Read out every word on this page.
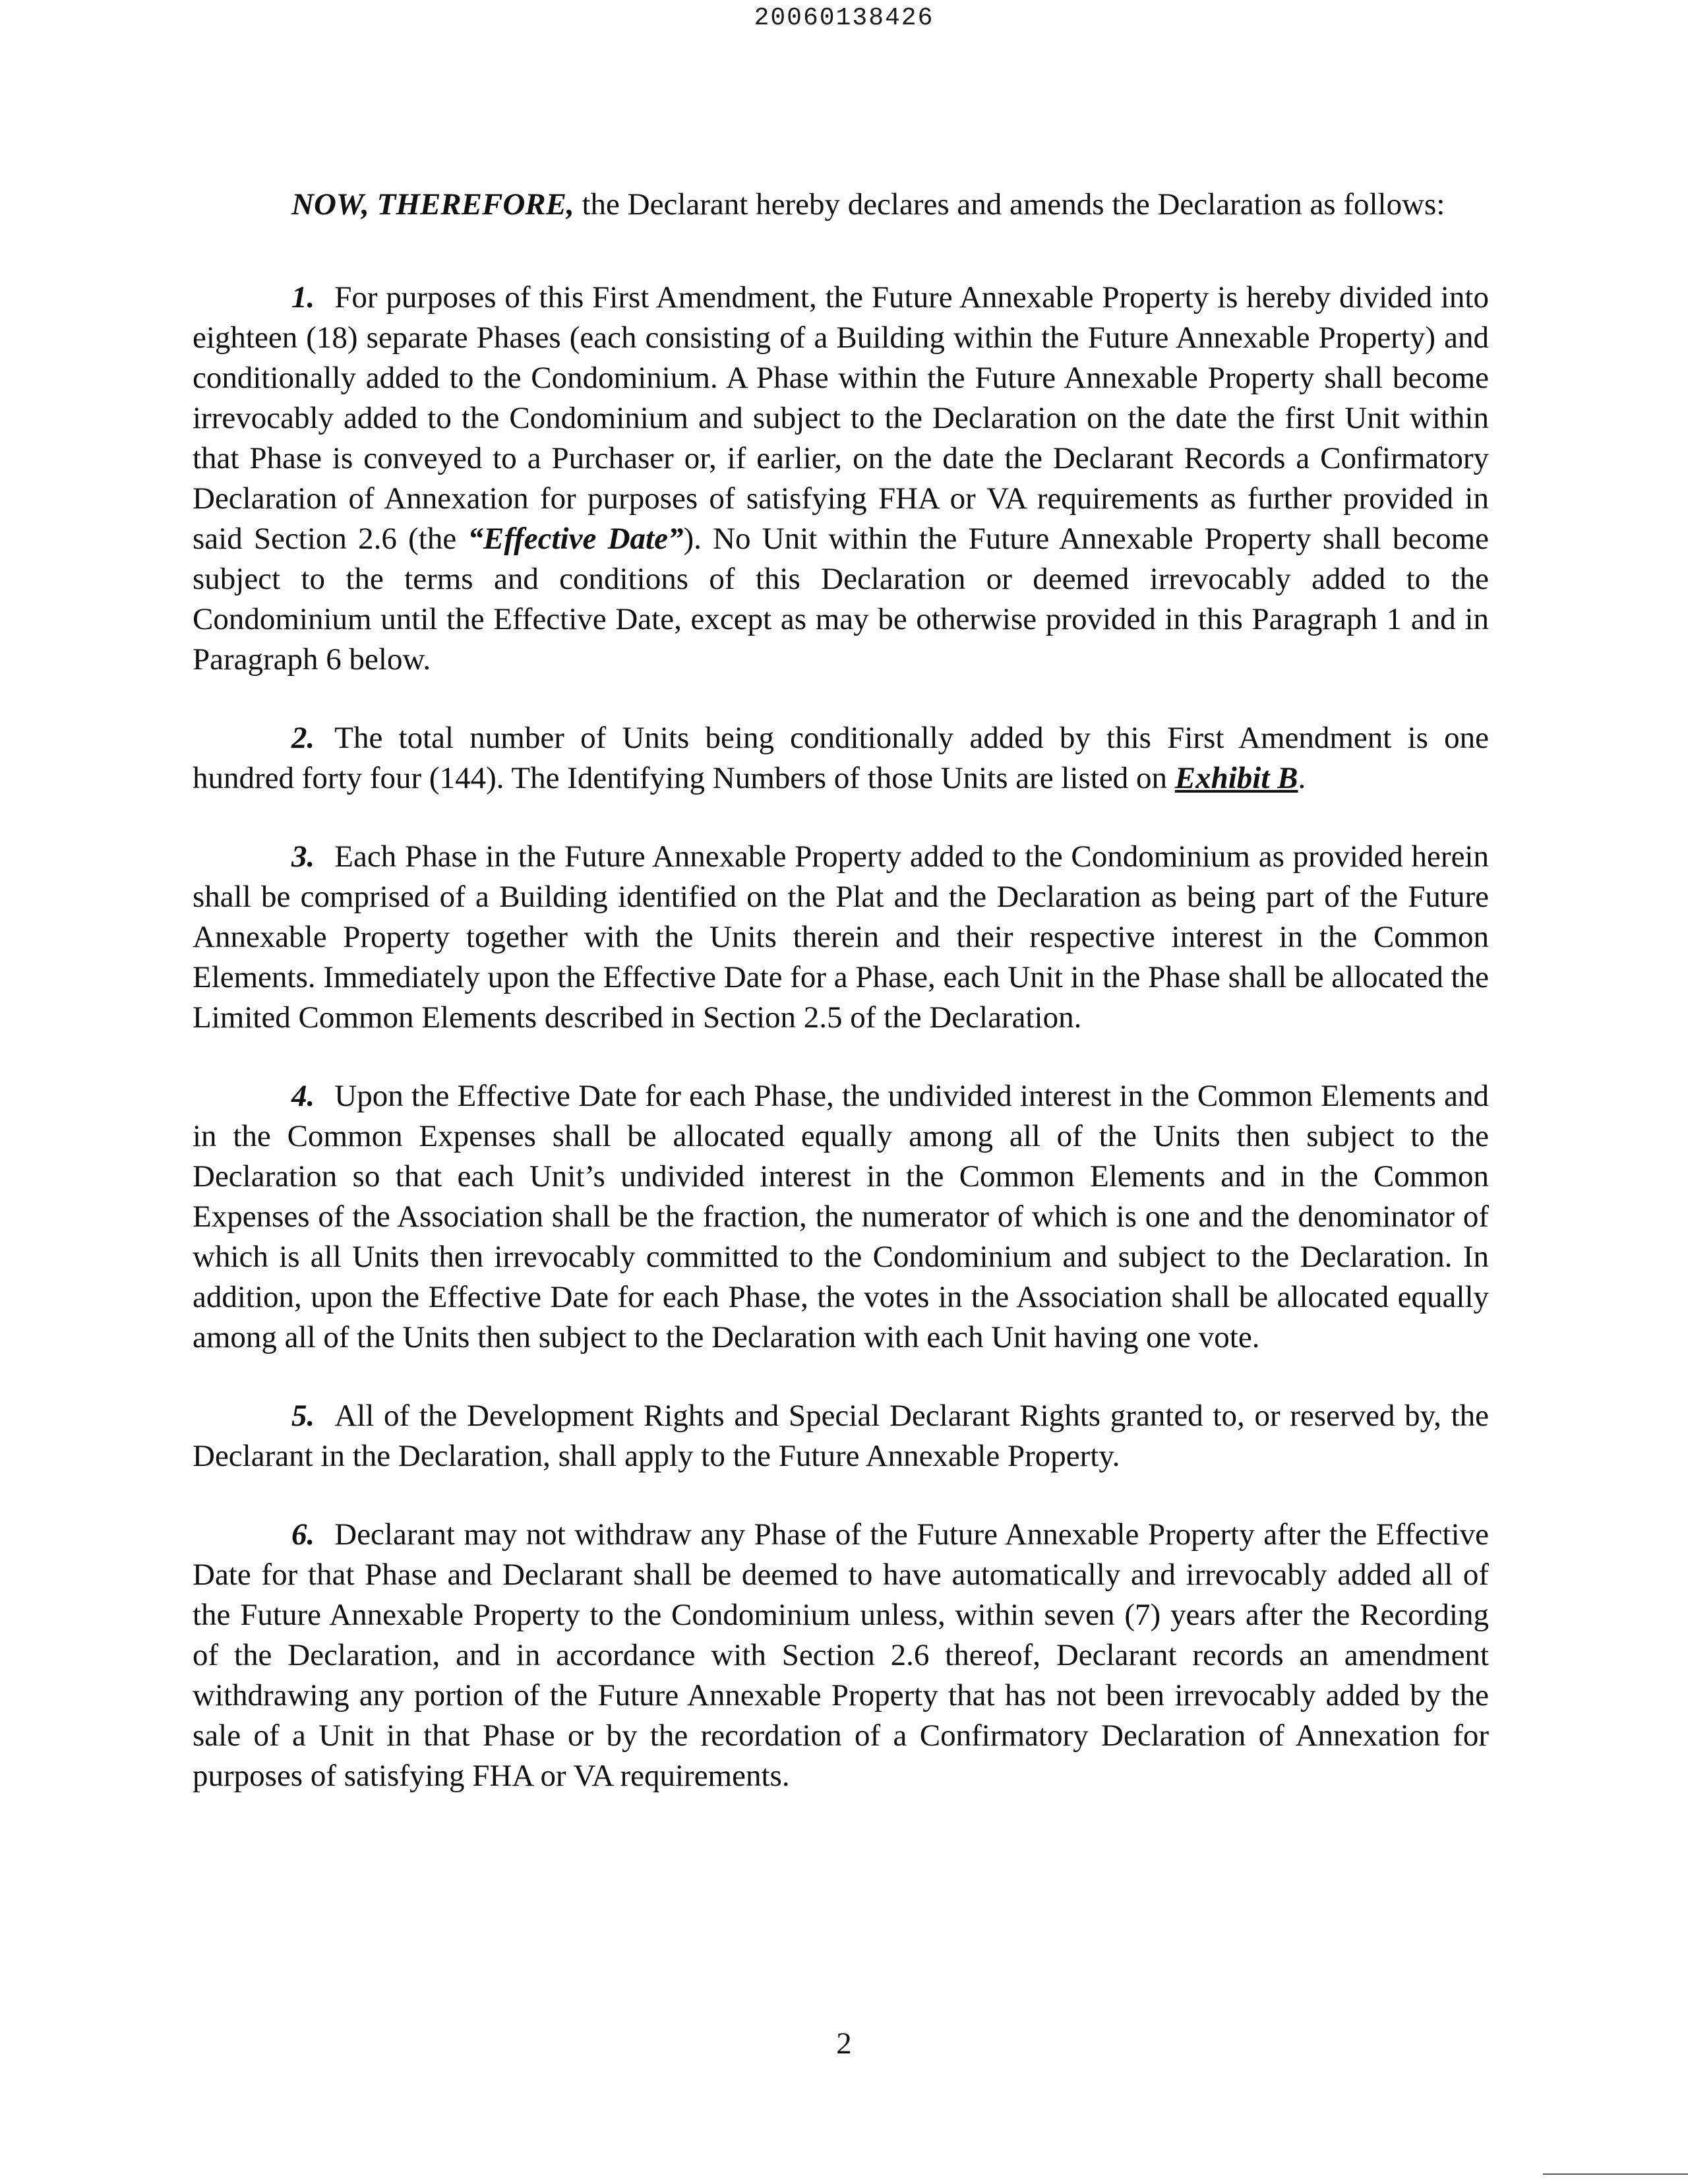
20060138426

NOW, THEREFORE, the Declarant hereby declares and amends the Declaration as follows:

1. For purposes of this First Amendment, the Future Annexable Property is hereby divided into eighteen (18) separate Phases (each consisting of a Building within the Future Annexable Property) and conditionally added to the Condominium. A Phase within the Future Annexable Property shall become irrevocably added to the Condominium and subject to the Declaration on the date the first Unit within that Phase is conveyed to a Purchaser or, if earlier, on the date the Declarant Records a Confirmatory Declaration of Annexation for purposes of satisfying FHA or VA requirements as further provided in said Section 2.6 (the “Effective Date”). No Unit within the Future Annexable Property shall become subject to the terms and conditions of this Declaration or deemed irrevocably added to the Condominium until the Effective Date, except as may be otherwise provided in this Paragraph 1 and in Paragraph 6 below.

2. The total number of Units being conditionally added by this First Amendment is one hundred forty four (144). The Identifying Numbers of those Units are listed on Exhibit B.

3. Each Phase in the Future Annexable Property added to the Condominium as provided herein shall be comprised of a Building identified on the Plat and the Declaration as being part of the Future Annexable Property together with the Units therein and their respective interest in the Common Elements. Immediately upon the Effective Date for a Phase, each Unit in the Phase shall be allocated the Limited Common Elements described in Section 2.5 of the Declaration.

4. Upon the Effective Date for each Phase, the undivided interest in the Common Elements and in the Common Expenses shall be allocated equally among all of the Units then subject to the Declaration so that each Unit’s undivided interest in the Common Elements and in the Common Expenses of the Association shall be the fraction, the numerator of which is one and the denominator of which is all Units then irrevocably committed to the Condominium and subject to the Declaration. In addition, upon the Effective Date for each Phase, the votes in the Association shall be allocated equally among all of the Units then subject to the Declaration with each Unit having one vote.

5. All of the Development Rights and Special Declarant Rights granted to, or reserved by, the Declarant in the Declaration, shall apply to the Future Annexable Property.

6. Declarant may not withdraw any Phase of the Future Annexable Property after the Effective Date for that Phase and Declarant shall be deemed to have automatically and irrevocably added all of the Future Annexable Property to the Condominium unless, within seven (7) years after the Recording of the Declaration, and in accordance with Section 2.6 thereof, Declarant records an amendment withdrawing any portion of the Future Annexable Property that has not been irrevocably added by the sale of a Unit in that Phase or by the recordation of a Confirmatory Declaration of Annexation for purposes of satisfying FHA or VA requirements.

2
